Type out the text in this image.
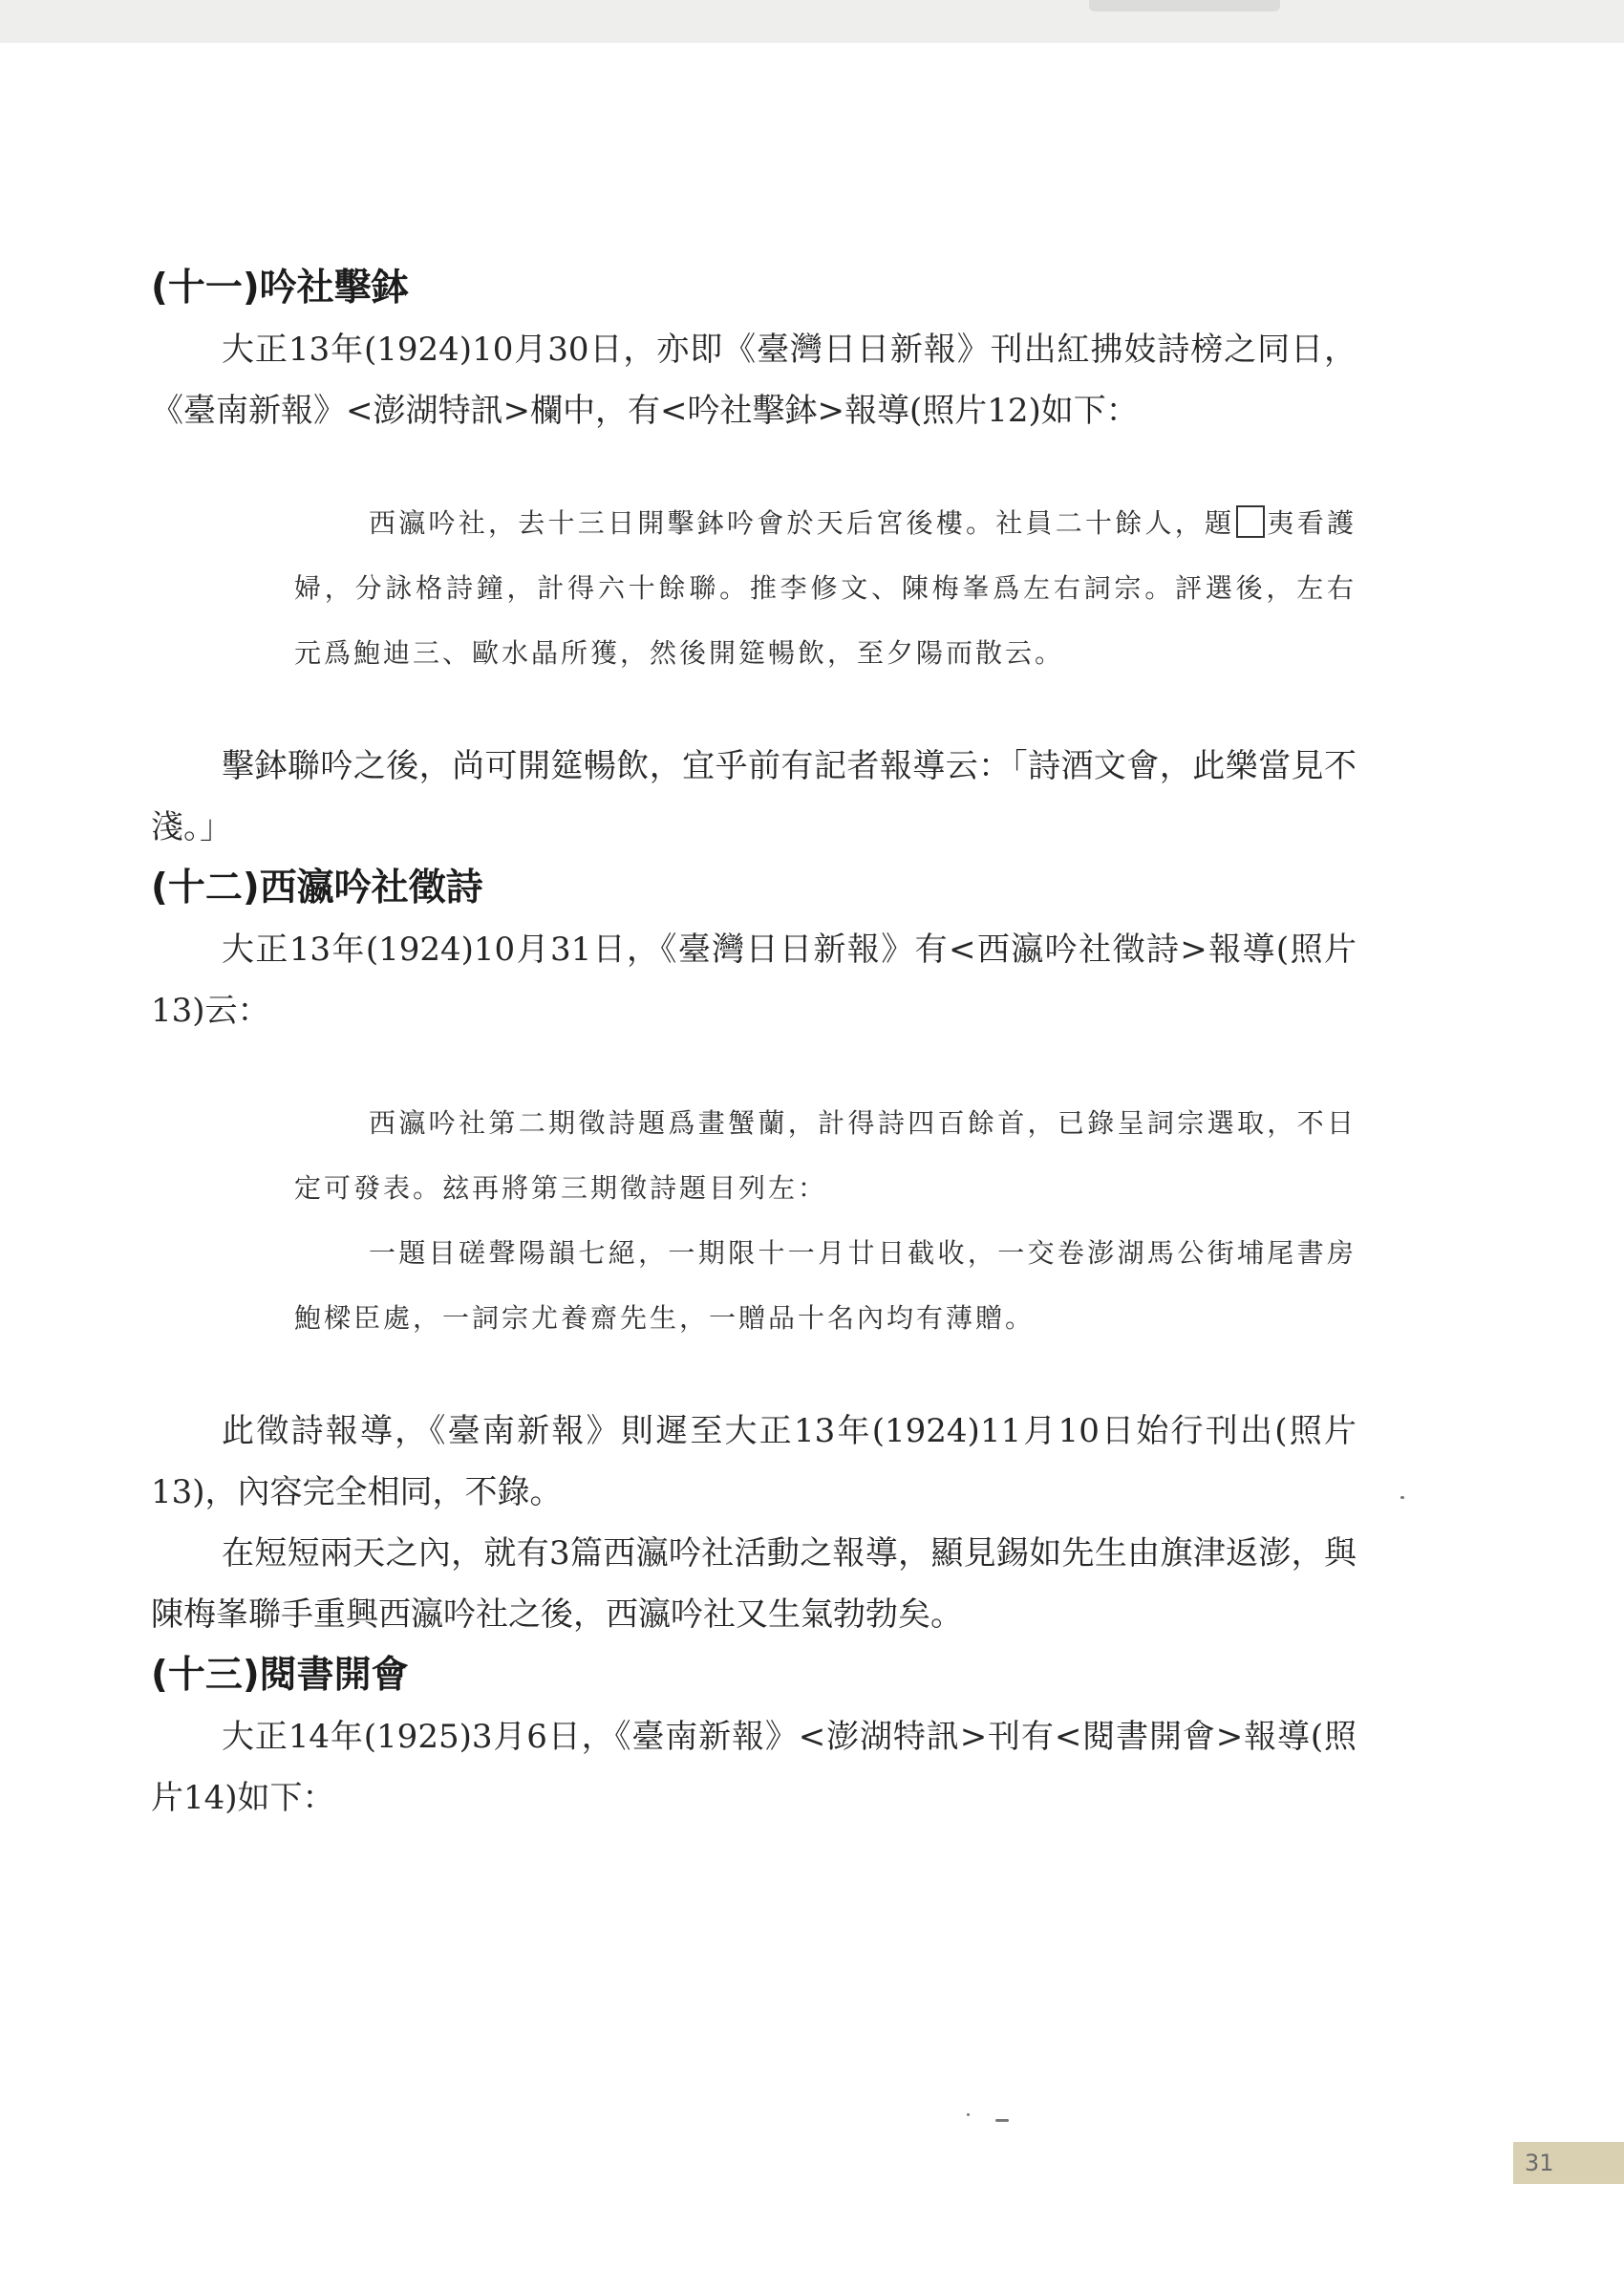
(十一)吟社擊鉢

大正13年(1924)10月30日，亦即《臺灣日日新報》刊出紅拂妓詩榜之同日，《臺南新報》<澎湖特訊>欄中，有<吟社擊鉢>報導(照片12)如下：

西瀛吟社，去十三日開擊鉢吟會於天后宮後樓。社員二十餘人，題 夷看護婦，分詠格詩鐘，計得六十餘聯。推李修文、陳梅峯爲左右詞宗。評選後，左右元爲鮑迪三、歐水晶所獲，然後開筵暢飲，至夕陽而散云。

擊鉢聯吟之後，尚可開筵暢飲，宜乎前有記者報導云：「詩酒文會，此樂當見不淺。」

(十二)西瀛吟社徵詩

大正13年(1924)10月31日，《臺灣日日新報》有<西瀛吟社徵詩>報導(照片13)云：

西瀛吟社第二期徵詩題爲畫蟹蘭，計得詩四百餘首，已錄呈詞宗選取，不日定可發表。玆再將第三期徵詩題目列左：

一題目磋聲陽韻七絕，一期限十一月廿日截收，一交卷澎湖馬公街埔尾書房鮑樑臣處，一詞宗尤養齋先生，一贈品十名內均有薄贈。

此徵詩報導，《臺南新報》則遲至大正13年(1924)11月10日始行刊出(照片13)，內容完全相同，不錄。

在短短兩天之內，就有3篇西瀛吟社活動之報導，顯見錫如先生由旗津返澎，與陳梅峯聯手重興西瀛吟社之後，西瀛吟社又生氣勃勃矣。

(十三)閱書開會

大正14年(1925)3月6日，《臺南新報》<澎湖特訊>刊有<閱書開會>報導(照片14)如下：

31
